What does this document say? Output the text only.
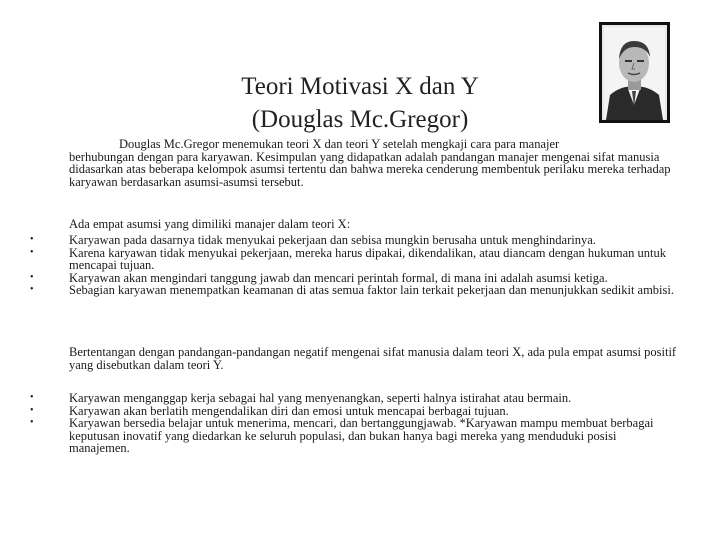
Teori Motivasi X dan Y
(Douglas Mc.Gregor)

Douglas Mc.Gregor menemukan teori X dan teori Y setelah mengkaji cara para manajer
berhubungan dengan para karyawan. Kesimpulan yang didapatkan adalah pandangan manajer mengenai sifat manusia didasarkan atas beberapa kelompok asumsi tertentu dan bahwa mereka cenderung membentuk perilaku mereka terhadap karyawan berdasarkan asumsi-asumsi tersebut.

Ada empat asumsi yang dimiliki manajer dalam teori X:

•	Karyawan pada dasarnya tidak menyukai pekerjaan dan sebisa mungkin berusaha untuk menghindarinya.
•	Karena karyawan tidak menyukai pekerjaan, mereka harus dipakai, dikendalikan, atau diancam dengan hukuman untuk mencapai tujuan.
•	Karyawan akan mengindari tanggung jawab dan mencari perintah formal, di mana ini adalah asumsi ketiga.
•	Sebagian karyawan menempatkan keamanan di atas semua faktor lain terkait pekerjaan dan menunjukkan sedikit ambisi.

Bertentangan dengan pandangan-pandangan negatif mengenai sifat manusia dalam teori X, ada pula empat asumsi positif yang disebutkan dalam teori Y.

•	Karyawan menganggap kerja sebagai hal yang menyenangkan, seperti halnya istirahat atau bermain.
•	Karyawan akan berlatih mengendalikan diri dan emosi untuk mencapai berbagai tujuan.
•	Karyawan bersedia belajar untuk menerima, mencari, dan bertanggungjawab. *Karyawan mampu membuat berbagai keputusan inovatif yang diedarkan ke seluruh populasi, dan bukan hanya bagi mereka yang menduduki posisi manajemen.
